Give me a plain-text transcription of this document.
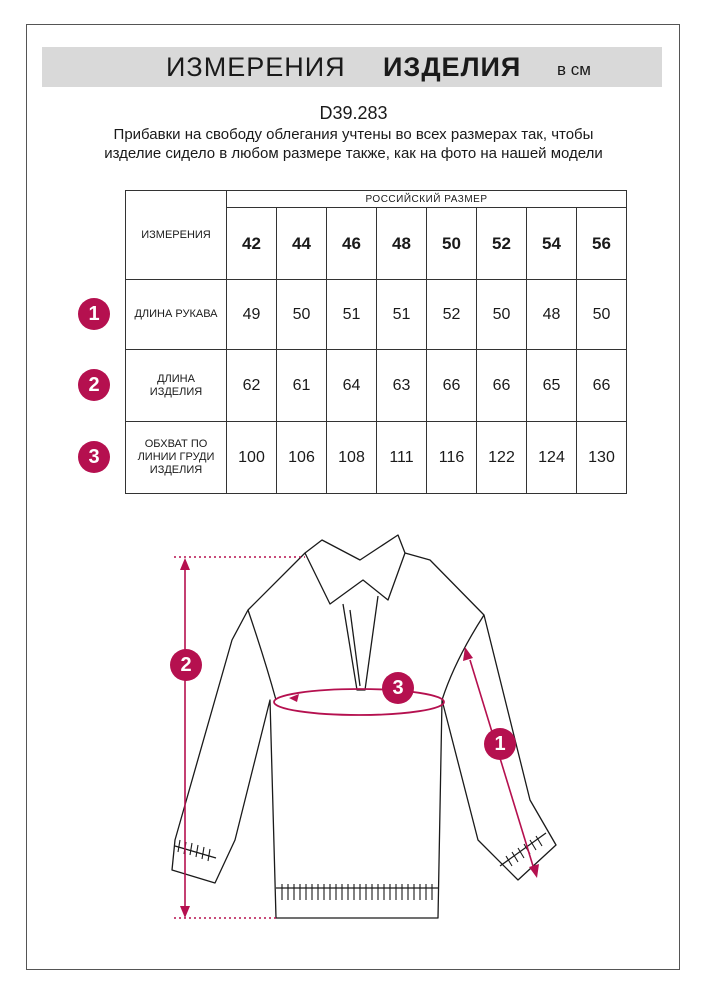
ИЗМЕРЕНИЯ ИЗДЕЛИЯ в см
D39.283
Прибавки на свободу облегания учтены во всех размерах так, чтобы изделие сидело в любом размере также, как на фото на нашей модели
ИЗМЕРЕНИЯ	РОССИЙСКИЙ РАЗМЕР							
	42	44	46	48	50	52	54	56
ДЛИНА РУКАВА	49	50	51	51	52	50	48	50
ДЛИНА ИЗДЕЛИЯ	62	61	64	63	66	66	65	66
ОБХВАТ ПО ЛИНИИ ГРУДИ ИЗДЕЛИЯ	100	106	108	111	116	122	124	130
1
2
3
2
3
1
